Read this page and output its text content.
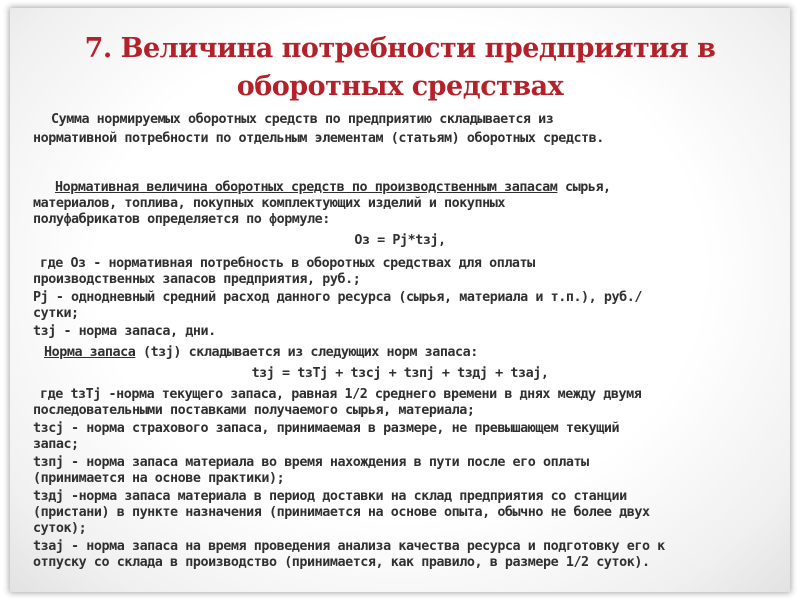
7. Величина потребности предприятия в
оборотных средствах

Сумма нормируемых оборотных средств по предприятию складывается из

нормативной потребности по отдельным элементам (статьям) оборотных средств.

Нормативная величина оборотных средств по производственным запасам сырья,

материалов, топлива, покупных комплектующих изделий и покупных

полуфабрикатов определяется по формуле:

Оз = Pj*tзj,

где Оз - нормативная потребность в оборотных средствах для оплаты

производственных запасов предприятия, руб.;

Pj - однодневный средний расход данного ресурса (сырья, материала и т.п.), руб./

сутки;

tзj - норма запаса, дни.

Норма запаса (tзj) складывается из следующих норм запаса:

tзj = tзTj + tзcj + tзпj + tздj + tзaj,

где tзTj -норма текущего запаса, равная 1/2 среднего времени в днях между двумя

последовательными поставками получаемого сырья, материала;

tзcj - норма страхового запаса, принимаемая в размере, не превышающем текущий

запас;

tзпj - норма запаса материала во время нахождения в пути после его оплаты

(принимается на основе практики);

tздj -норма запаса материала в период доставки на склад предприятия со станции

(пристани) в пункте назначения (принимается на основе опыта, обычно не более двух

суток);

tзaj - норма запаса на время проведения анализа качества ресурса и подготовку его к

отпуску со склада в производство (принимается, как правило, в размере 1/2 суток).
